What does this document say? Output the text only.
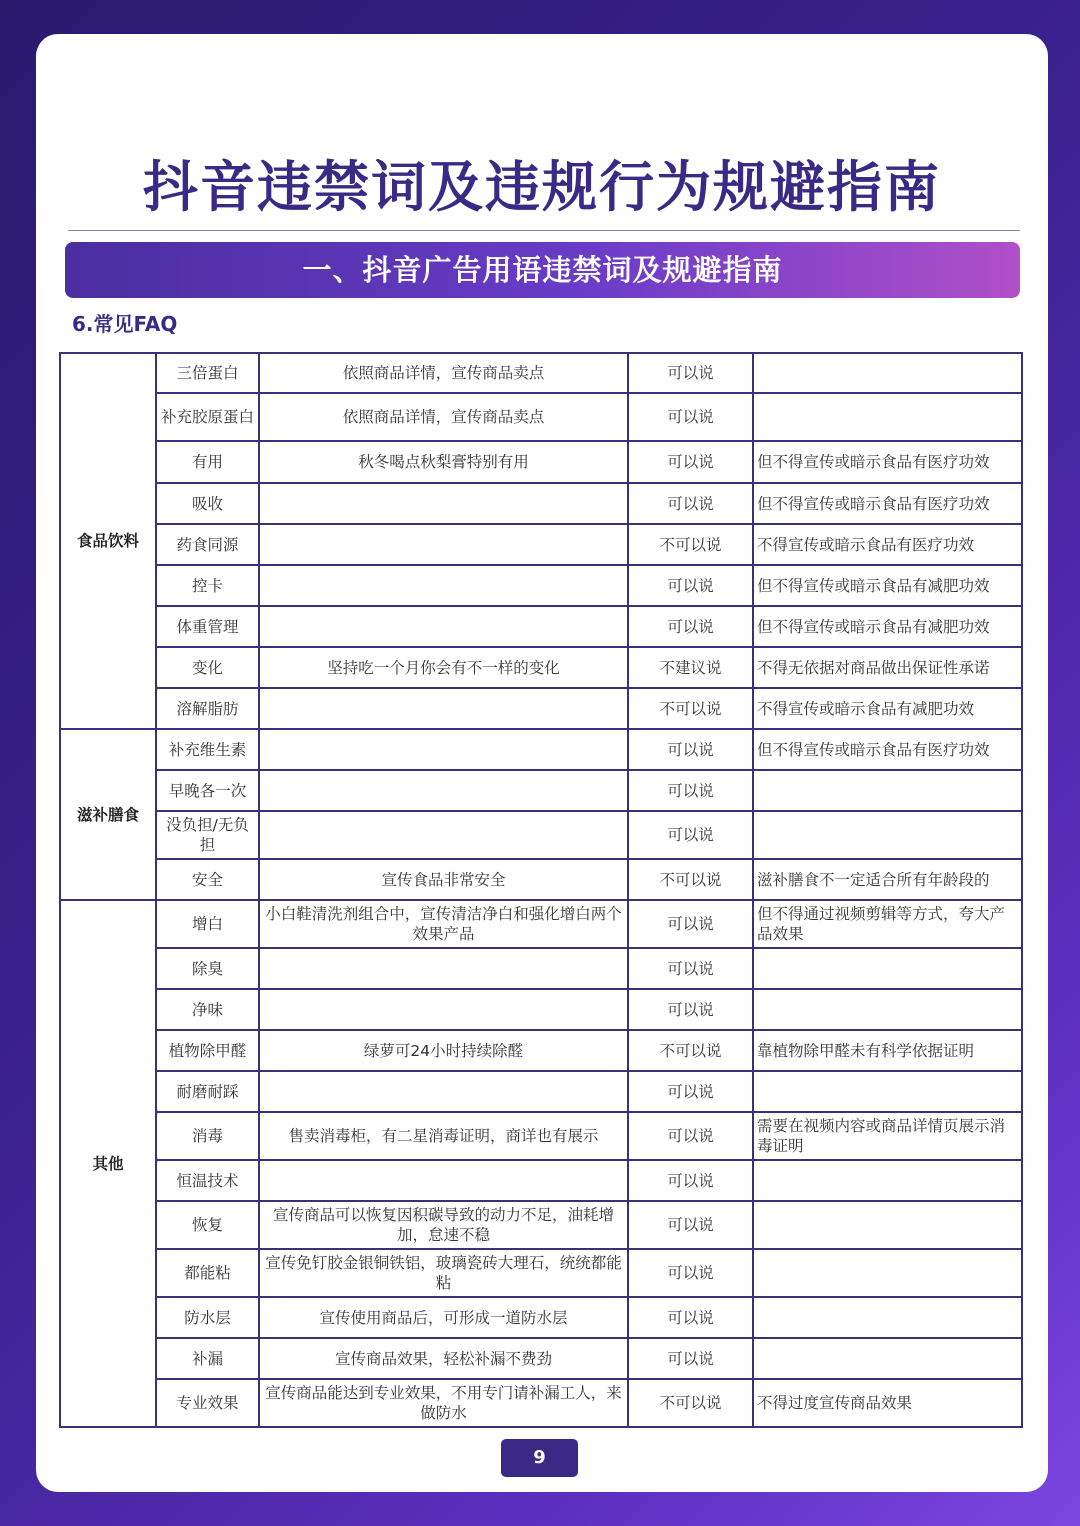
抖音违禁词及违规行为规避指南
一、抖音广告用语违禁词及规避指南
6.常见FAQ
食品饮料	三倍蛋白	依照商品详情，宣传商品卖点	可以说	
	补充胶原蛋白	依照商品详情，宣传商品卖点	可以说	
	有用	秋冬喝点秋梨膏特别有用	可以说	但不得宣传或暗示食品有医疗功效
	吸收		可以说	但不得宣传或暗示食品有医疗功效
	药食同源		不可以说	不得宣传或暗示食品有医疗功效
	控卡		可以说	但不得宣传或暗示食品有减肥功效
	体重管理		可以说	但不得宣传或暗示食品有减肥功效
	变化	坚持吃一个月你会有不一样的变化	不建议说	不得无依据对商品做出保证性承诺
	溶解脂肪		不可以说	不得宣传或暗示食品有减肥功效
滋补膳食	补充维生素		可以说	但不得宣传或暗示食品有医疗功效
	早晚各一次		可以说	
	没负担/无负担		可以说	
	安全	宣传食品非常安全	不可以说	滋补膳食不一定适合所有年龄段的
其他	增白	小白鞋清洗剂组合中，宣传清洁净白和强化增白两个效果产品	可以说	但不得通过视频剪辑等方式，夸大产品效果
	除臭		可以说	
	净味		可以说	
	植物除甲醛	绿萝可24小时持续除醛	不可以说	靠植物除甲醛未有科学依据证明
	耐磨耐踩		可以说	
	消毒	售卖消毒柜，有二星消毒证明，商详也有展示	可以说	需要在视频内容或商品详情页展示消毒证明
	恒温技术		可以说	
	恢复	宣传商品可以恢复因积碳导致的动力不足，油耗增加，怠速不稳	可以说	
	都能粘	宣传免钉胶金银铜铁铝，玻璃瓷砖大理石，统统都能粘	可以说	
	防水层	宣传使用商品后，可形成一道防水层	可以说	
	补漏	宣传商品效果，轻松补漏不费劲	可以说	
	专业效果	宣传商品能达到专业效果，不用专门请补漏工人，来做防水	不可以说	不得过度宣传商品效果
9
